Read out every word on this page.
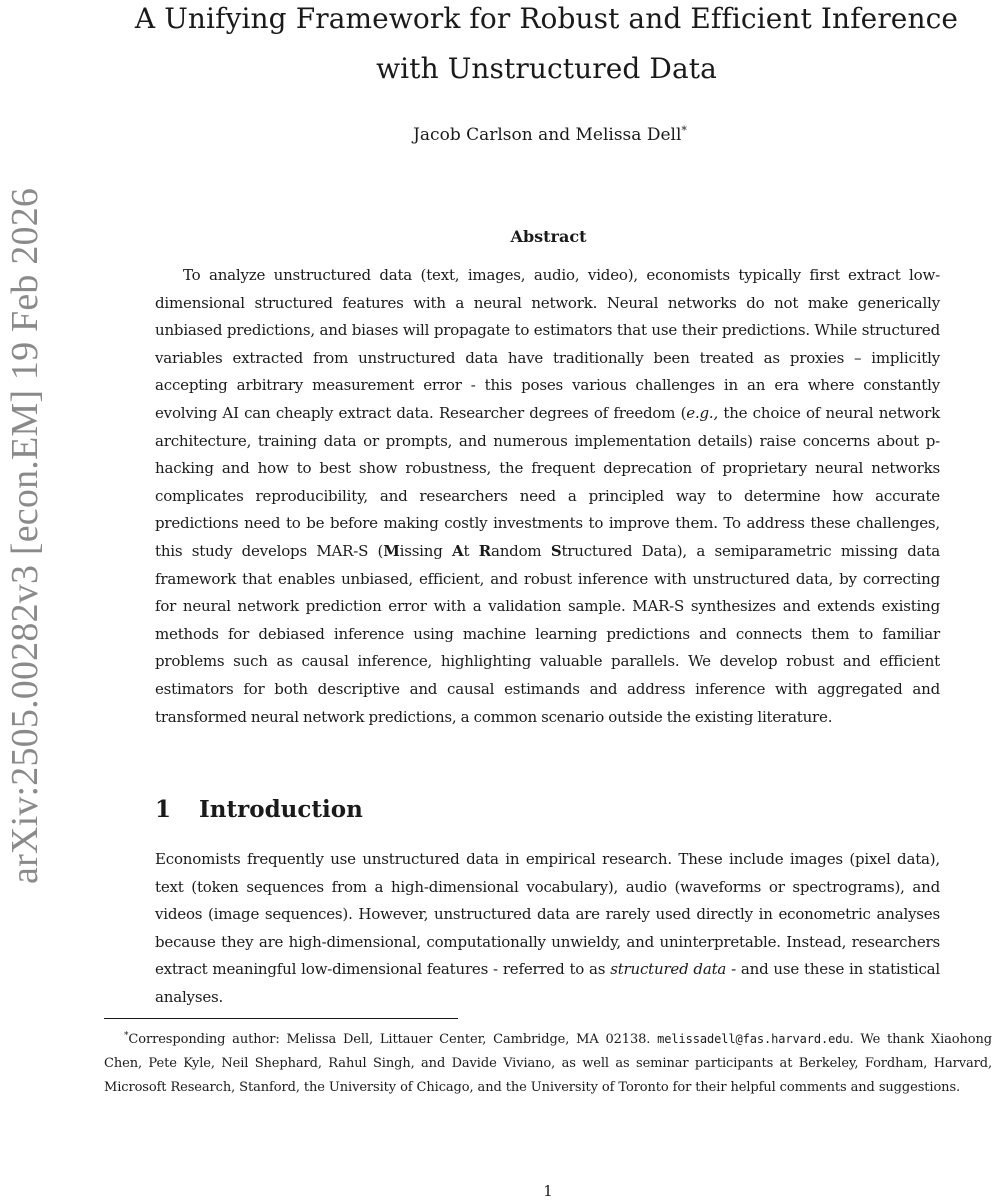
A Unifying Framework for Robust and Efficient Inference with Unstructured Data
Jacob Carlson and Melissa Dell*
arXiv:2505.00282v3 [econ.EM] 19 Feb 2026	Abstract

To analyze unstructured data (text, images, audio, video), economists typically first extract low-dimensional structured features with a neural network. Neural networks do not make generically unbiased predictions, and biases will propagate to estimators that use their predictions. While structured variables extracted from unstructured data have traditionally been treated as proxies – implicitly accepting arbitrary measurement error - this poses various challenges in an era where constantly evolving AI can cheaply extract data. Researcher degrees of freedom (e.g., the choice of neural network architecture, training data or prompts, and numerous implementation details) raise concerns about p-hacking and how to best show robustness, the frequent deprecation of proprietary neural networks complicates reproducibility, and researchers need a principled way to determine how accurate predictions need to be before making costly investments to improve them. To address these challenges, this study develops MAR-S (Missing At Random Structured Data), a semiparametric missing data framework that enables unbiased, efficient, and robust inference with unstructured data, by correcting for neural network prediction error with a validation sample. MAR-S synthesizes and extends existing methods for debiased inference using machine learning predictions and connects them to familiar problems such as causal inference, highlighting valuable parallels. We develop robust and efficient estimators for both descriptive and causal estimands and address inference with aggregated and transformed neural network predictions, a common scenario outside the existing literature.

1 Introduction

Economists frequently use unstructured data in empirical research. These include images (pixel data), text (token sequences from a high-dimensional vocabulary), audio (waveforms or spectrograms), and videos (image sequences). However, unstructured data are rarely used directly in econometric analyses because they are high-dimensional, computationally unwieldy, and uninterpretable. Instead, researchers extract meaningful low-dimensional features - referred to as structured data - and use these in statistical analyses.

*Corresponding author: Melissa Dell, Littauer Center, Cambridge, MA 02138. melissadell@fas.harvard.edu. We thank Xiaohong Chen, Pete Kyle, Neil Shephard, Rahul Singh, and Davide Viviano, as well as seminar participants at Berkeley, Fordham, Harvard, Microsoft Research, Stanford, the University of Chicago, and the University of Toronto for their helpful comments and suggestions.

1
